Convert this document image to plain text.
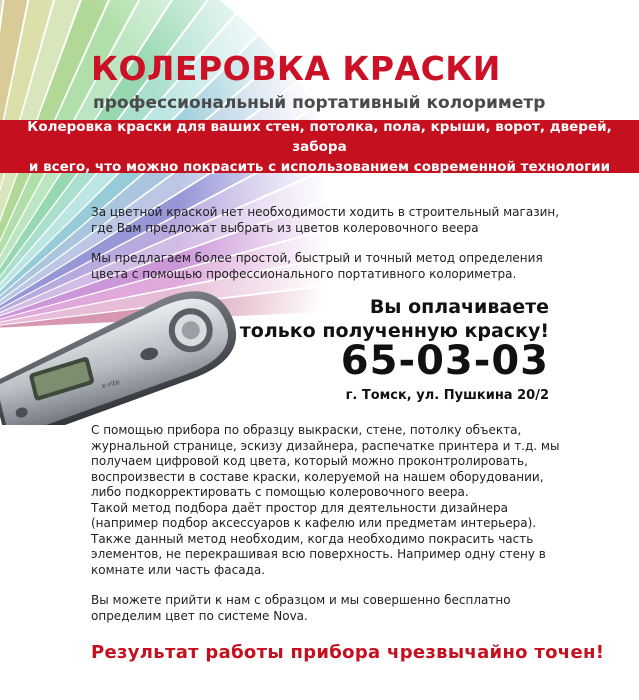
x-rite
КОЛЕРОВКА КРАСКИ

профессиональный портативный колориметр

Колеровка краски для ваших стен, потолка, пола, крыши, ворот, дверей, забора
и всего, что можно покрасить с использованием современной технологии

За цветной краской нет необходимости ходить в строительный магазин,
где Вам предложат выбрать из цветов колеровочного веера

Мы предлагаем более простой, быстрый и точный метод определения
цвета с помощью профессионального портативного колориметра.

Вы оплачиваете
только полученную краску!

65-03-03

г. Томск, ул. Пушкина 20/2

С помощью прибора по образцу выкраски, стене, потолку объекта,
журнальной странице, эскизу дизайнера, распечатке принтера и т.д. мы
получаем цифровой код цвета, который можно проконтролировать,
воспроизвести в составе краски, колеруемой на нашем оборудовании,
либо подкорректировать с помощью колеровочного веера.
Такой метод подбора даёт простор для деятельности дизайнера
(например подбор аксессуаров к кафелю или предметам интерьера).
Также данный метод необходим, когда необходимо покрасить часть
элементов, не перекрашивая всю поверхность. Например одну стену в
комнате или часть фасада.
Вы можете прийти к нам с образцом и мы совершенно бесплатно
определим цвет по системе Nova.

Результат работы прибора чрезвычайно точен!
